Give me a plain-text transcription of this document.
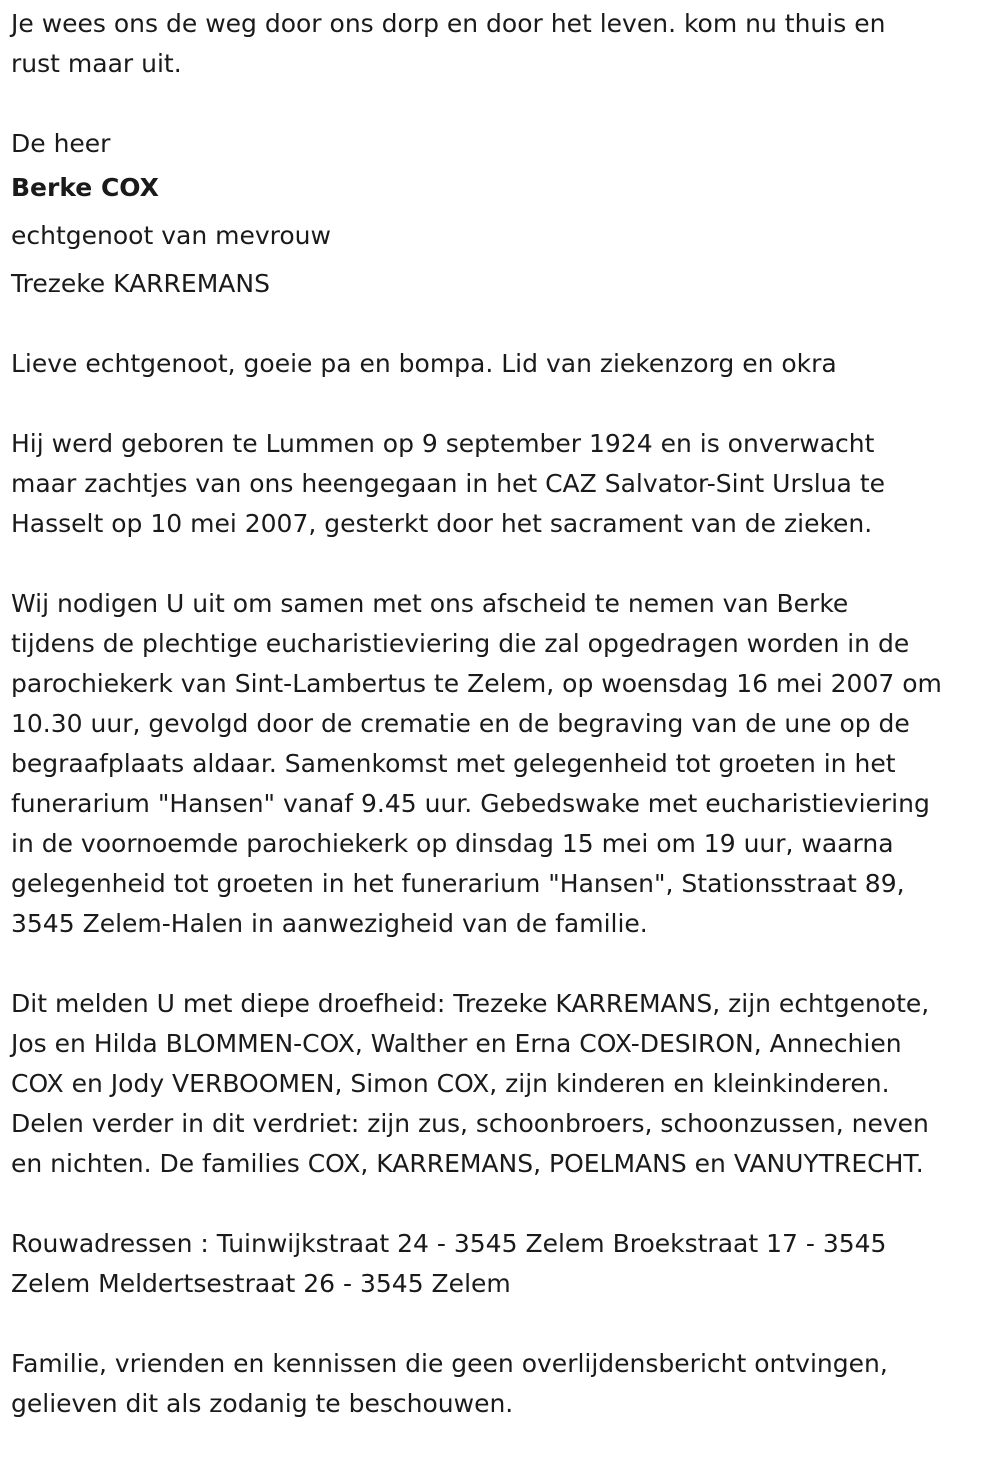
Je wees ons de weg door ons dorp en door het leven. kom nu thuis en
rust maar uit.
De heer
Berke COX
echtgenoot van mevrouw
Trezeke KARREMANS
Lieve echtgenoot, goeie pa en bompa. Lid van ziekenzorg en okra
Hij werd geboren te Lummen op 9 september 1924 en is onverwacht
maar zachtjes van ons heengegaan in het CAZ Salvator-Sint Urslua te
Hasselt op 10 mei 2007, gesterkt door het sacrament van de zieken.
Wij nodigen U uit om samen met ons afscheid te nemen van Berke
tijdens de plechtige eucharistieviering die zal opgedragen worden in de
parochiekerk van Sint-Lambertus te Zelem, op woensdag 16 mei 2007 om
10.30 uur, gevolgd door de crematie en de begraving van de une op de
begraafplaats aldaar. Samenkomst met gelegenheid tot groeten in het
funerarium "Hansen" vanaf 9.45 uur. Gebedswake met eucharistieviering
in de voornoemde parochiekerk op dinsdag 15 mei om 19 uur, waarna
gelegenheid tot groeten in het funerarium "Hansen", Stationsstraat 89,
3545 Zelem-Halen in aanwezigheid van de familie.
Dit melden U met diepe droefheid: Trezeke KARREMANS, zijn echtgenote,
Jos en Hilda BLOMMEN-COX, Walther en Erna COX-DESIRON, Annechien
COX en Jody VERBOOMEN, Simon COX, zijn kinderen en kleinkinderen.
Delen verder in dit verdriet: zijn zus, schoonbroers, schoonzussen, neven
en nichten. De families COX, KARREMANS, POELMANS en VANUYTRECHT.
Rouwadressen : Tuinwijkstraat 24 - 3545 Zelem Broekstraat 17 - 3545
Zelem Meldertsestraat 26 - 3545 Zelem
Familie, vrienden en kennissen die geen overlijdensbericht ontvingen,
gelieven dit als zodanig te beschouwen.
